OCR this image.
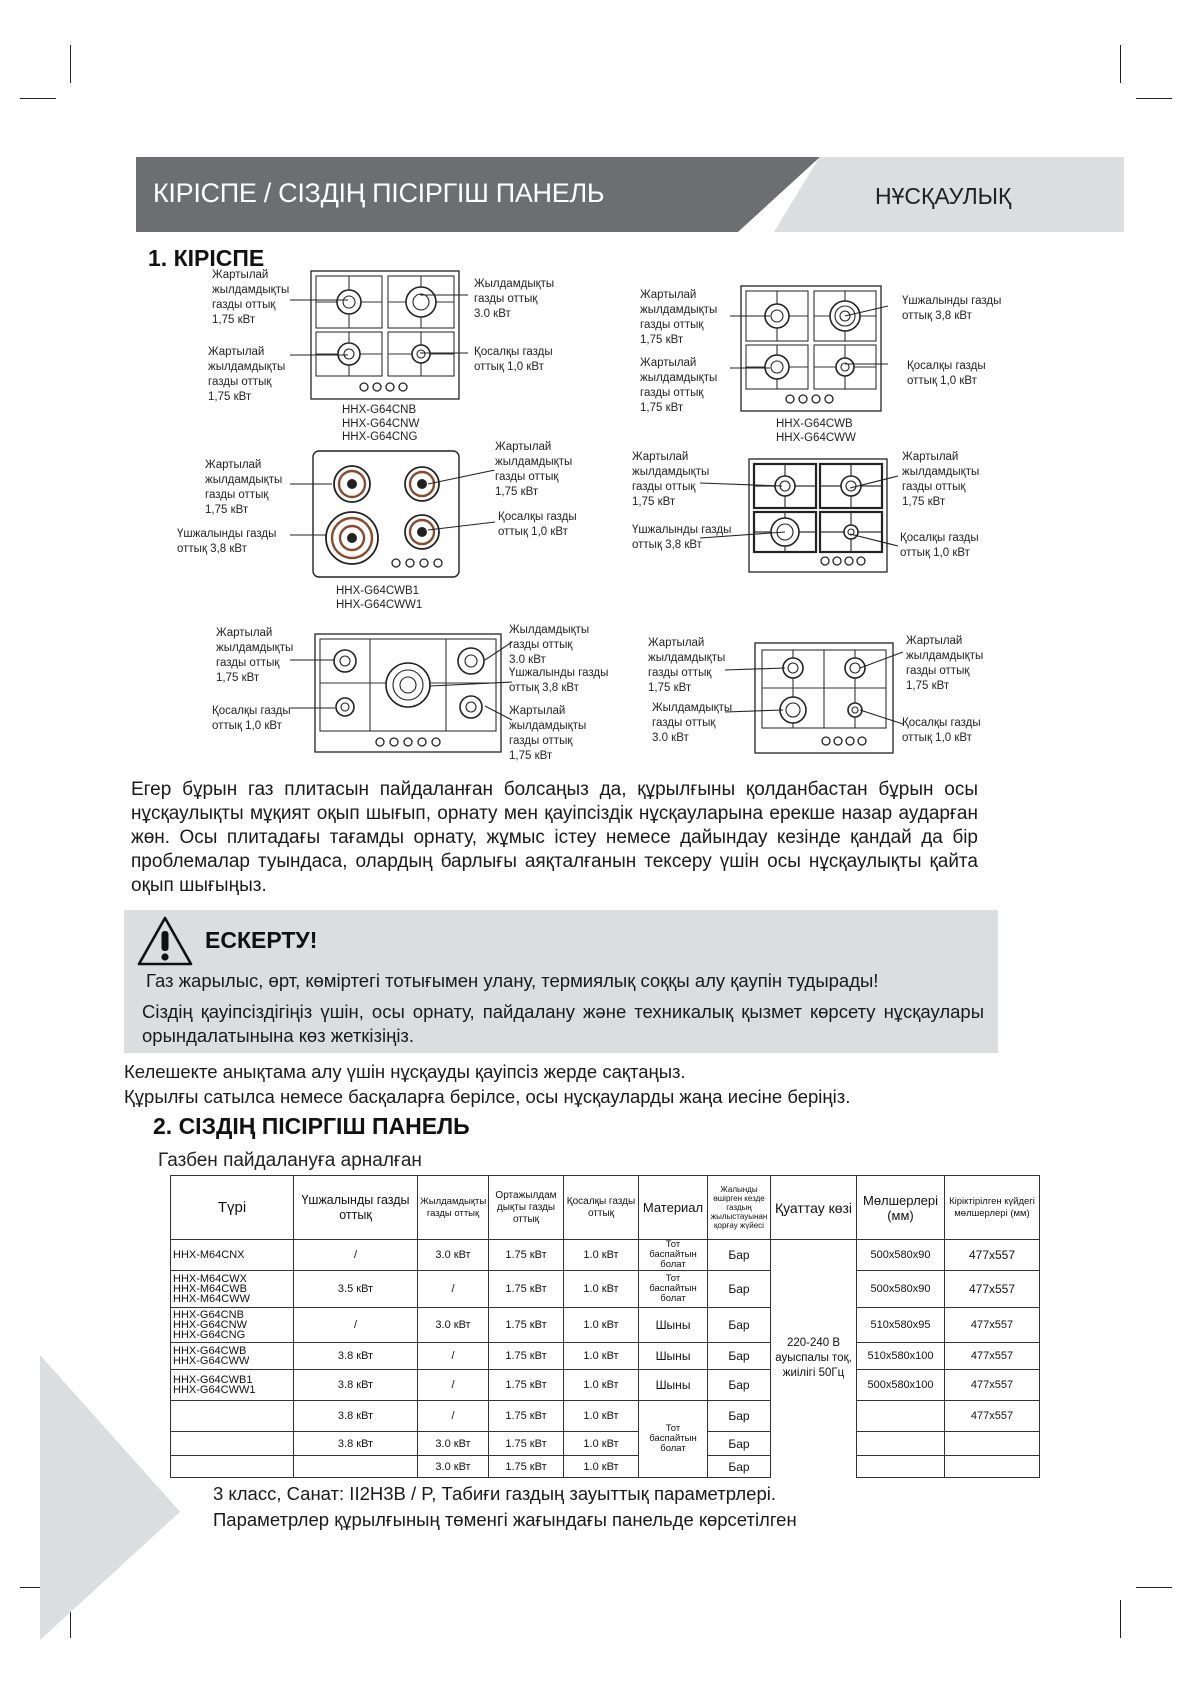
КІРІСПЕ / СІЗДІҢ ПІСІРГІШ ПАНЕЛЬ	НҰСҚАУЛЫҚ
1. КІРІСПЕ
Жартылай
жылдамдықты
газды оттық
1,75 кВт
Жартылай
жылдамдықты
газды оттық
1,75 кВт
Жылдамдықты
газды оттық
3.0 кВт
Қосалқы газды
оттық 1,0 кВт
HHX-G64CNB
HHX-G64CNW
HHX-G64CNG
Жартылай
жылдамдықты
газды оттық
1,75 кВт
Жартылай
жылдамдықты
газды оттық
1,75 кВт
Үшжалынды газды
оттық 3,8 кВт
Қосалқы газды
оттық 1,0 кВт
HHX-G64CWB
HHX-G64CWW
Жартылай
жылдамдықты
газды оттық
1,75 кВт
Үшжалынды газды
оттық 3,8 кВт
Жартылай
жылдамдықты
газды оттық
1,75 кВт
Қосалқы газды
оттық 1,0 кВт
HHX-G64CWB1
HHX-G64CWW1
Жартылай
жылдамдықты
газды оттық
1,75 кВт
Үшжалынды газды
оттық 3,8 кВт
Жартылай
жылдамдықты
газды оттық
1,75 кВт
Қосалқы газды
оттық 1,0 кВт
Жартылай
жылдамдықты
газды оттық
1,75 кВт
Қосалқы газды
оттық 1,0 кВт
Жылдамдықты
газды оттық
3.0 кВт
Үшжалынды газды
оттық 3,8 кВт
Жартылай
жылдамдықты
газды оттық
1,75 кВт
Жартылай
жылдамдықты
газды оттық
1,75 кВт
Жылдамдықты
газды оттық
3.0 кВт
Жартылай
жылдамдықты
газды оттық
1,75 кВт
Қосалқы газды
оттық 1,0 кВт
Егер бұрын газ плитасын пайдаланған болсаңыз да, құрылғыны қолданбастан бұрын осы нұсқаулықты мұқият оқып шығып, орнату мен қауіпсіздік нұсқауларына ерекше назар аударған жөн. Осы плитадағы тағамды орнату, жұмыс істеу немесе дайындау кезінде қандай да бір проблемалар туындаса, олардың барлығы аяқталғанын тексеру үшін осы нұсқаулықты қайта оқып шығыңыз.
ЕСКЕРТУ!
Газ жарылыс, өрт, көміртегі тотығымен улану, термиялық соққы алу қаупін тудырады!
Сіздің қауіпсіздігіңіз үшін, осы орнату, пайдалану және техникалық қызмет көрсету нұсқаулары орындалатынына көз жеткізіңіз.
Келешекте анықтама алу үшін нұсқауды қауіпсіз жерде сақтаңыз.
Құрылғы сатылса немесе басқаларға берілсе, осы нұсқауларды жаңа иесіне беріңіз.
2. СІЗДІҢ ПІСІРГІШ ПАНЕЛЬ
Газбен пайдалануға арналған
Түрі	Үшжалынды газды оттық	Жылдамдықты газды оттық	Ортажылдам дықты газды оттық	Қосалқы газды оттық	Материал	Жалынды өшірген кезде газдың жылыстауынан қорғау жүйесі	Қуаттау көзі	Мөлшерлері (мм)	Кіріктірілген күйдегі мөлшерлері (мм)

HHX-M64CNX	/	3.0 кВт	1.75 кВт	1.0 кВт	Тот баспайтын болат	Бар	220-240 В ауыспалы тоқ, жиілігі 50Гц	500x580x90	477x557

HHX-M64CWX
HHX-M64CWB
HHX-M64CWW	3.5 кВт	/	1.75 кВт	1.0 кВт	Тот баспайтын болат	Бар		500x580x90	477x557

HHX-G64CNB
HHX-G64CNW
HHX-G64CNG	/	3.0 кВт	1.75 кВт	1.0 кВт	Шыны	Бар		510x580x95	477x557

HHX-G64CWB
HHX-G64CWW	3.8 кВт	/	1.75 кВт	1.0 кВт	Шыны	Бар		510x580x100	477x557

HHX-G64CWB1
HHX-G64CWW1	3.8 кВт	/	1.75 кВт	1.0 кВт	Шыны	Бар		500x580x100	477x557
	3.8 кВт	/	1.75 кВт	1.0 кВт	Тот баспайтын болат	Бар			477x557
	3.8 кВт	3.0 кВт	1.75 кВт	1.0 кВт		Бар			
		3.0 кВт	1.75 кВт	1.0 кВт		Бар			
3 класс, Санат: II2H3B / P, Табиғи газдың зауыттық параметрлері.
Параметрлер құрылғының төменгі жағындағы панельде көрсетілген
